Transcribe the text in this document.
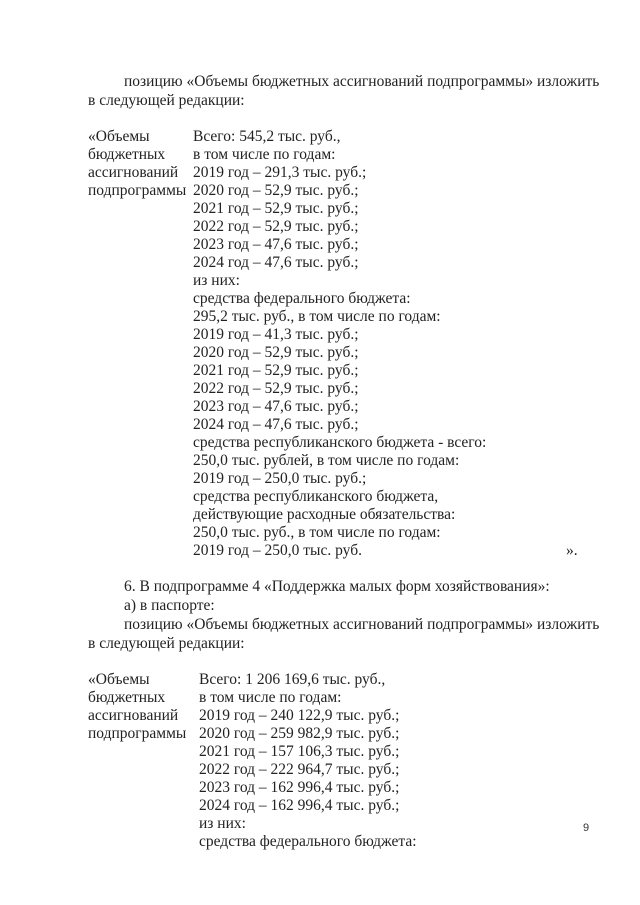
позицию «Объемы бюджетных ассигнований подпрограммы» изложить
в следующей редакции:
«Объемы
бюджетных
ассигнований
подпрограммы
Всего: 545,2 тыс. руб.,
в том числе по годам:
2019 год – 291,3 тыс. руб.;
2020 год – 52,9 тыс. руб.;
2021 год – 52,9 тыс. руб.;
2022 год – 52,9 тыс. руб.;
2023 год – 47,6 тыс. руб.;
2024 год – 47,6 тыс. руб.;
из них:
средства федерального бюджета:
295,2 тыс. руб., в том числе по годам:
2019 год – 41,3 тыс. руб.;
2020 год – 52,9 тыс. руб.;
2021 год – 52,9 тыс. руб.;
2022 год – 52,9 тыс. руб.;
2023 год – 47,6 тыс. руб.;
2024 год – 47,6 тыс. руб.;
средства республиканского бюджета - всего:
250,0 тыс. рублей, в том числе по годам:
2019 год – 250,0 тыс. руб.;
средства республиканского бюджета,
действующие расходные обязательства:
250,0 тыс. руб., в том числе по годам:
2019 год – 250,0 тыс. руб.	».
6. В подпрограмме 4 «Поддержка малых форм хозяйствования»:
а) в паспорте:
позицию «Объемы бюджетных ассигнований подпрограммы» изложить
в следующей редакции:
«Объемы
бюджетных
ассигнований
подпрограммы
Всего: 1 206 169,6 тыс. руб.,
в том числе по годам:
2019 год – 240 122,9 тыс. руб.;
2020 год – 259 982,9 тыс. руб.;
2021 год – 157 106,3 тыс. руб.;
2022 год – 222 964,7 тыс. руб.;
2023 год – 162 996,4 тыс. руб.;
2024 год – 162 996,4 тыс. руб.;
из них:
средства федерального бюджета:
9
